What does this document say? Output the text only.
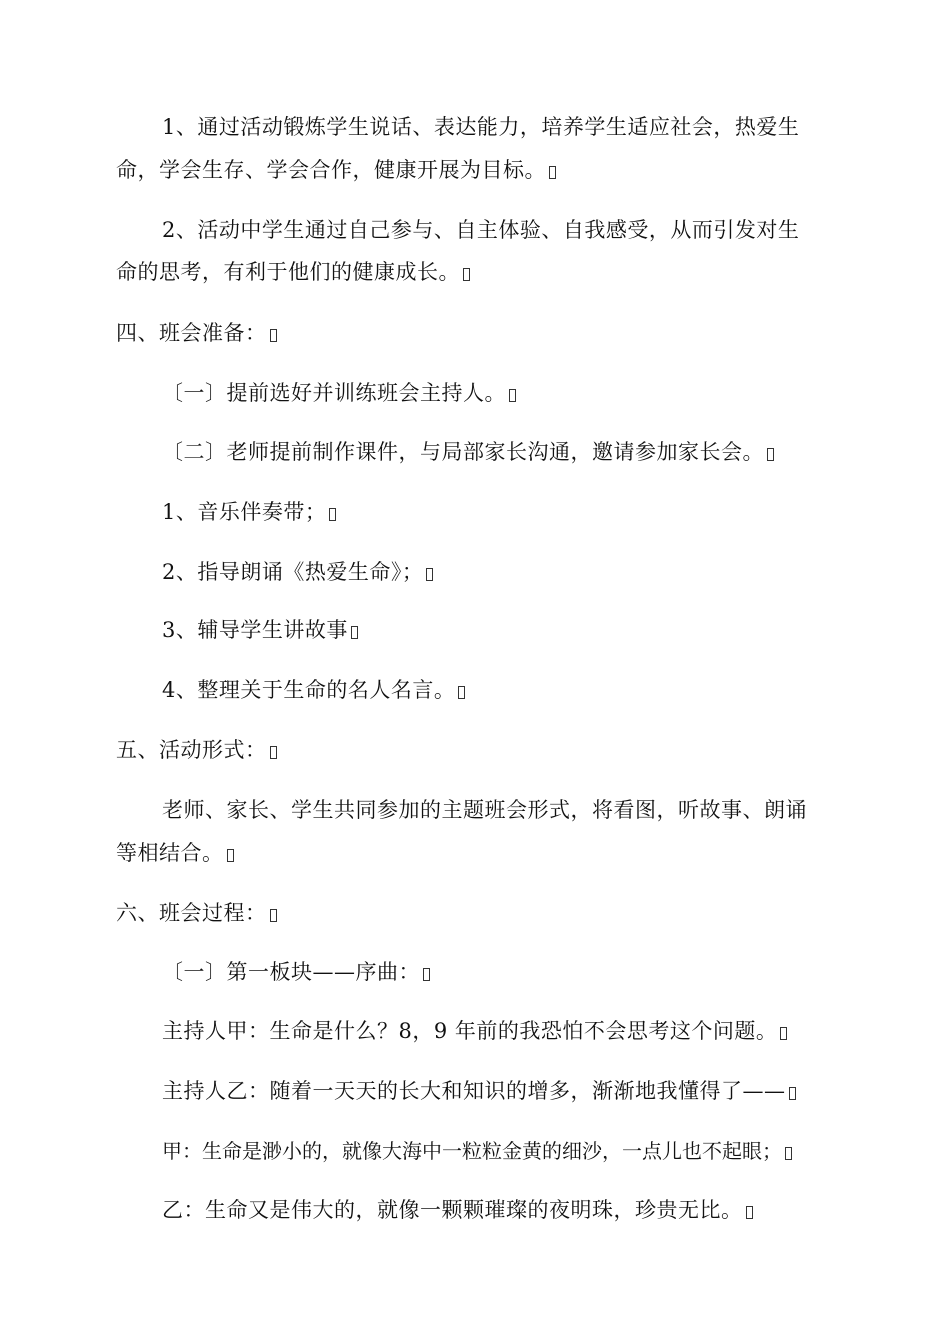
1、通过活动锻炼学生说话、表达能力，培养学生适应社会，热爱生
命，学会生存、学会合作，健康开展为目标。
2、活动中学生通过自己参与、自主体验、自我感受，从而引发对生
命的思考，有利于他们的健康成长。
四、班会准备：
〔一〕提前选好并训练班会主持人。
〔二〕老师提前制作课件，与局部家长沟通，邀请参加家长会。
1、音乐伴奏带；
2、指导朗诵《热爱生命》；
3、辅导学生讲故事
4、整理关于生命的名人名言。
五、活动形式：
老师、家长、学生共同参加的主题班会形式，将看图，听故事、朗诵
等相结合。
六、班会过程：
〔一〕第一板块——序曲：
主持人甲：生命是什么？8，9 年前的我恐怕不会思考这个问题。
主持人乙：随着一天天的长大和知识的增多，渐渐地我懂得了——
甲：生命是渺小的，就像大海中一粒粒金黄的细沙，一点儿也不起眼；
乙：生命又是伟大的，就像一颗颗璀璨的夜明珠，珍贵无比。
